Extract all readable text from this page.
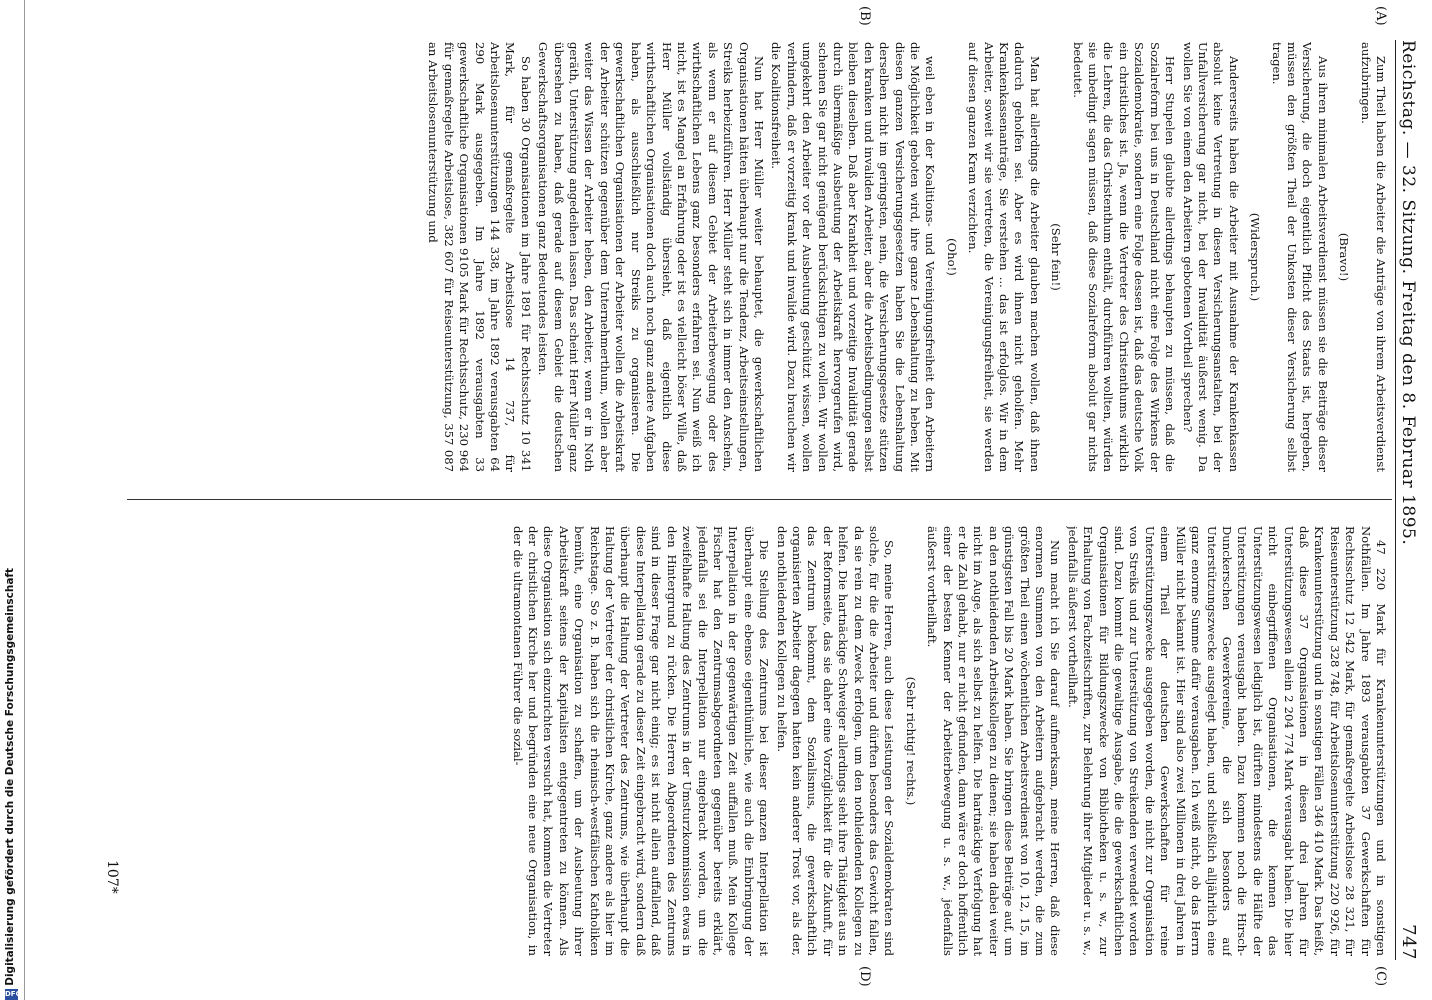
Reichstag. — 32. Sitzung. Freitag den 8. Februar 1895.
747
(A)
(B)
(C)
(D)

Zum Theil haben die Arbeiter die Anträge von ihrem Arbeitsverdienst aufzubringen.

(Bravo!)

Aus ihren minimalen Arbeitsverdienst müssen sie die Beiträge dieser Versicherung, die doch eigentlich Pflicht des Staats ist, hergeben, müssen den größten Theil der Unkosten dieser Versicherung selbst tragen.

(Widerspruch.)

Andererseits haben die Arbeiter mit Ausnahme der Krankenkassen absolut keine Vertretung in diesen Versicherungsanstalten, bei der Unfallversicherung gar nicht, bei der Invalidität äußerst wenig. Da wollen Sie von einem den Arbeitern gebotenen Vortheil sprechen?

Herr Stupelen glaubte allerdings behaupten zu müssen, daß die Sozialreform bei uns in Deutschland nicht eine Folge des Wirkens der Sozialdemokratie, sondern eine Folge dessen ist, daß das deutsche Volk ein christliches ist. Ja, wenn die Vertreter des Christenthums wirklich die Lehren, die das Christenthum enthält, durchführen wollten, würden sie unbedingt sagen müssen, daß diese Sozialreform absolut gar nichts bedeutet.

(Sehr fein!)

Man hat allerdings die Arbeiter glauben machen wollen, daß ihnen dadurch geholfen sei. Aber es wird ihnen nicht geholfen. Mehr Krankenkassenanträge, Sie verstehen ... das ist erfolglos. Wir in dem Arbeiter, soweit wir sie vertreten, die Vereinigungsfreiheit, sie werden auf diesen ganzen Kram verzichten.

(Oho!)

weil eben in der Koalitions- und Vereinigungsfreiheit den Arbeitern die Möglichkeit geboten wird, ihre ganze Lebenshaltung zu heben. Mit diesen ganzen Versicherungsgesetzen haben Sie die Lebenshaltung derselben nicht im geringsten, nein, die Versicherungsgesetze stützen den kranken und invaliden Arbeiter, aber die Arbeitsbedingungen selbst bleiben dieselben. Daß aber Krankheit und vorzeitige Invalidität gerade durch übermäßige Ausbeutung der Arbeitskraft hervorgerufen wird, scheinen Sie gar nicht genügend berücksichtigen zu wollen. Wir wollen umgekehrt den Arbeiter vor der Ausbeutung geschützt wissen, wollen verhindern, daß er vorzeitig krank und invalide wird. Dazu brauchen wir die Koalitionsfreiheit.

Nun hat Herr Müller weiter behauptet, die gewerkschaftlichen Organisationen hätten überhaupt nur die Tendenz, Arbeitseinstellungen, Streiks herbeizuführen. Herr Müller steht sich in immer den Anschein, als wenn er auf diesem Gebiet der Arbeiterbewegung oder des wirthschaftlichen Lebens ganz besonders erfahren sei. Nun weiß ich nicht, ist es Mangel an Erfahrung oder ist es vielleicht böser Wille, daß Herr Müller vollständig übersieht, daß eigentlich diese wirthschaftlichen Organisationen doch auch noch ganz andere Aufgaben haben, als ausschließlich nur Streiks zu organisieren. Die gewerkschaftlichen Organisationen der Arbeiter wollen die Arbeitskraft der Arbeiter schützen gegenüber dem Unternehmerthum, wollen aber weiter das Wissen der Arbeiter heben, den Arbeiter, wenn er in Noth geräth, Unterstützung angedeihen lassen. Das scheint Herr Müller ganz übersehen zu haben, daß gerade auf diesem Gebiet die deutschen Gewerkschaftsorganisationen ganz Bedeutendes leisten.

So haben 30 Organisationen im Jahre 1891 für Rechtsschutz 10 341 Mark, für gemaßregelte Arbeitslose 14 737, für Arbeitslosenunterstützungen 144 338, im Jahre 1892 verausgabten 64 290 Mark ausgegeben. Im Jahre 1892 verausgabten 33 gewerkschaftliche Organisationen 9105 Mark für Rechtsschutz, 230 964 für gemaßregelte Arbeitslose, 382 607 für Reiseunterstützung, 357 087 an Arbeitslosenunterstützung und

47 220 Mark für Krankenunterstützungen und in sonstigen Nothfällen. Im Jahre 1893 verausgabten 37 Gewerkschaften für Rechtsschutz 12 542 Mark, für gemaßregelte Arbeitslose 28 321, für Reiseunterstützung 328 748, für Arbeitslosenunterstützung 220 926, für Krankenunterstützung und in sonstigen Fällen 346 410 Mark. Das heißt, daß diese 37 Organisationen in diesen drei Jahren für Unterstützungswesen allein 2 204 774 Mark verausgabt haben. Die hier nicht einbegriffenen Organisationen, die kennen das Unterstützungswesen lediglich ist, dürften mindestens die Hälfte der Unterstützungen verausgabt haben. Dazu kommen noch die Hirsch-Dunckerschen Gewerkvereine, die sich besonders auf Unterstützungszwecke ausgelegt haben, und schließlich alljährlich eine ganz enorme Summe dafür verausgaben. Ich weiß nicht, ob das Herrn Müller nicht bekannt ist. Hier sind also zwei Millionen in drei Jahren in einem Theil der deutschen Gewerkschaften für reine Unterstützungszwecke ausgegeben worden, die nicht zur Organisation von Streiks und zur Unterstützung von Streikenden verwendet worden sind. Dazu kommt die gewaltige Ausgabe, die die gewerkschaftlichen Organisationen für Bildungszwecke von Bibliotheken u. s. w., zur Erhaltung von Fachzeitschriften, zur Belehrung ihrer Mitglieder u. s. w., jedenfalls äußerst vortheilhaft.

Nun macht ich Sie darauf aufmerksam, meine Herren, daß diese enormen Summen von den Arbeitern aufgebracht werden, die zum größten Theil einen wöchentlichen Arbeitsverdienst von 10, 12, 15, im günstigsten Fall bis 20 Mark haben. Sie bringen diese Beiträge auf, um an den nothleidenden Arbeitskollegen zu dienen; sie haben dabei weiter nicht im Auge, als sich selbst zu helfen. Die hartnäckige Verfolgung hat er die Zahl gehabt, nur er nicht gefunden, dann wäre er doch hoffentlich einer der besten Kenner der Arbeiterbewegung u. s. w., jedenfalls äußerst vortheilhaft.

(Sehr richtig! rechts.)

So, meine Herren, auch diese Leistungen der Sozialdemokraten sind solche, für die die Arbeiter und dürften besonders das Gewicht fallen, da sie rein zu dem Zweck erfolgen, um den nothleidenden Kollegen zu helfen. Die hartnäckige Schweiger allerdings sieht ihre Thätigkeit aus in der Reformseite, das sie daher eine Vorzüglichkeit für die Zukunft, für das Zentrum bekommt, dem Sozialismus, die gewerkschaftlich organisierten Arbeiter dagegen hatten kein anderer Trost vor, als der, den nothleidenden Kollegen zu helfen.

Die Stellung des Zentrums bei dieser ganzen Interpellation ist überhaupt eine ebenso eigenthümliche, wie auch die Einbringung der Interpellation in der gegenwärtigen Zeit auffallen muß. Mein Kollege Fischer hat den Zentrumsabgeordneten gegenüber bereits erklärt, jedenfalls sei die Interpellation nur eingebracht worden, um die zweifelhafte Haltung des Zentrums in der Umsturzkommission etwas in den Hintergrund zu rücken. Die Herren Abgeordneten des Zentrums sind in dieser Frage gar nicht einig; es ist nicht allein auffallend, daß diese Interpellation gerade zu dieser Zeit eingebracht wird, sondern daß überhaupt die Haltung der Vertreter des Zentrums, wie überhaupt die Haltung der Vertreter der christlichen Kirche, ganz andere als hier im Reichstage. So z. B. haben sich die rheinisch-westfälischen Katholiken bemüht, eine Organisation zu schaffen, um der Ausbeutung ihrer Arbeitskraft seitens der Kapitalisten entgegentreten zu können. Als diese Organisation sich einzurichten versucht hat, kommen die Vertreter der christlichen Kirche her und begründen eine neue Organisation, in der die ultramontanen Führer die sozial-

107*
Digitalisierung gefördert durch die Deutsche Forschungsgemeinschaft
DFG
